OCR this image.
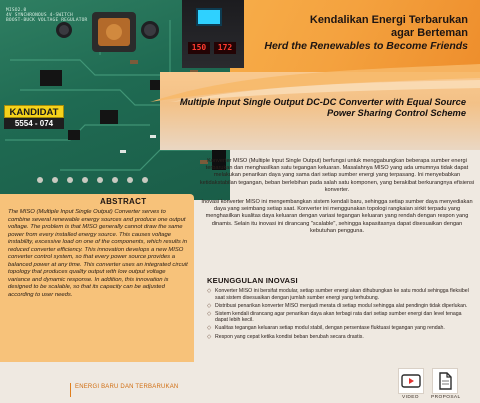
MISO2.0
4V SYNCHRONOUS 4-SWITCH
BOOST-BUCK VOLTAGE REGULATOR
150	172
Kendalikan Energi Terbarukan
agar Berteman
Herd the Renewables to Become Friends
Multiple Input Single Output DC-DC Converter with Equal Source
Power Sharing Control Scheme
KANDIDAT
5554 - 074

Konverter MISO (Multiple Input Single Output) berfungsi untuk menggabungkan beberapa sumber energi terbarukan dan menghasilkan satu tegangan keluaran. Masalahnya MISO yang ada umumnya tidak dapat melakukan penarikan daya yang sama dari setiap sumber energi yang terpasang. Ini menyebabkan ketidakstabilan tegangan, beban berlebihan pada salah satu komponen, yang berakibat berkurangnya efisiensi konverter.

Inovasi konverter MISO ini mengembangkan sistem kendali baru, sehingga setiap sumber daya menyediakan daya yang seimbang setiap saat. Konverter ini menggunakan topologi rangkaian sirkit terpadu yang menghasilkan kualitas daya keluaran dengan variasi tegangan keluaran yang rendah dengan respon yang dinamis. Selain itu inovasi ini dirancang "scalable", sehingga kapasitasnya dapat disesuaikan dengan kebutuhan pengguna.

KEUNGGULAN INOVASI
◇ Konverter MISO ini bersifat modular, setiap sumber energi akan dihubungkan ke satu modul sehingga fleksibel saat sistem disesuaikan dengan jumlah sumber energi yang terhubung.
◇ Distribusi penarikan konverter MISO menjadi merata di setiap modul sehingga alat pendingin tidak diperlukan.
◇ Sistem kendali dirancang agar penarikan daya akan terbagi rata dari setiap sumber energi dan level tenaga dapat lebih kecil.
◇ Kualitas tegangan keluaran setiap modul stabil, dengan persentase fluktuasi tegangan yang rendah.
◇ Respon yang cepat ketika kondisi beban berubah secara drastis.
ABSTRACT
The MISO (Multiple Input Single Output) Converter serves to combine several renewable energy sources and produce one output voltage. The problem is that MISO generally cannot draw the same power from every installed energy source. This causes voltage instability, excessive load on one of the components, which results in reduced converter efficiency. This innovation develops a new MISO converter control system, so that every power source provides a balanced power at any time. This converter uses an integrated circuit topology that produces quality output with low output voltage variance and dynamic response. In addition, this innovation is designed to be scalable, so that its capacity can be adjusted according to user needs.
ENERGI BARU DAN TERBARUKAN
VIDEO	PROPOSAL
